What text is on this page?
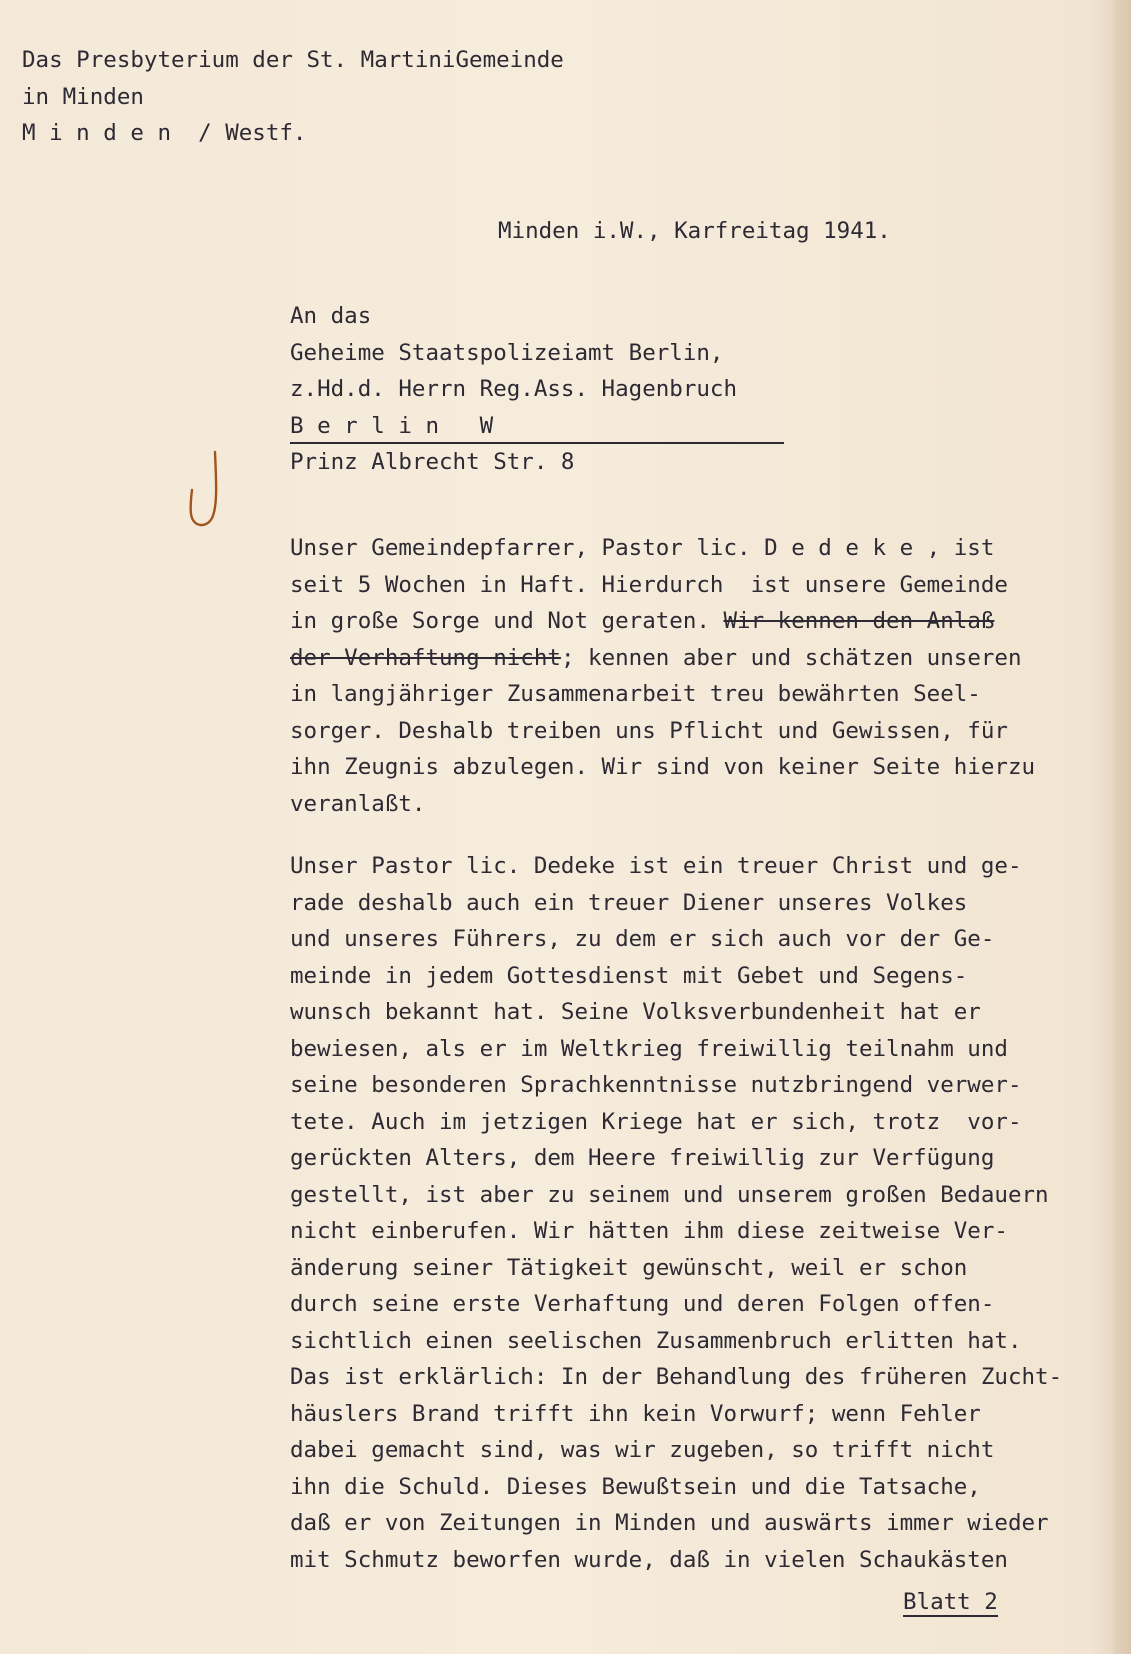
Das Presbyterium der St. MartiniGemeinde
in Minden
M i n d e n  / Westf.
Minden i.W., Karfreitag 1941.
An das
Geheime Staatspolizeiamt Berlin,
z.Hd.d. Herrn Reg.Ass. Hagenbruch
B e r l i n   W
Prinz Albrecht Str. 8
Unser Gemeindepfarrer, Pastor lic. D e d e k e , ist
seit 5 Wochen in Haft. Hierdurch  ist unsere Gemeinde
in große Sorge und Not geraten. Wir kennen den Anlaß
der Verhaftung nicht; kennen aber und schätzen unseren
in langjähriger Zusammenarbeit treu bewährten Seel-
sorger. Deshalb treiben uns Pflicht und Gewissen, für
ihn Zeugnis abzulegen. Wir sind von keiner Seite hierzu
veranlaßt.
Unser Pastor lic. Dedeke ist ein treuer Christ und ge-
rade deshalb auch ein treuer Diener unseres Volkes
und unseres Führers, zu dem er sich auch vor der Ge-
meinde in jedem Gottesdienst mit Gebet und Segens-
wunsch bekannt hat. Seine Volksverbundenheit hat er
bewiesen, als er im Weltkrieg freiwillig teilnahm und
seine besonderen Sprachkenntnisse nutzbringend verwer-
tete. Auch im jetzigen Kriege hat er sich, trotz  vor-
gerückten Alters, dem Heere freiwillig zur Verfügung
gestellt, ist aber zu seinem und unserem großen Bedauern
nicht einberufen. Wir hätten ihm diese zeitweise Ver-
änderung seiner Tätigkeit gewünscht, weil er schon
durch seine erste Verhaftung und deren Folgen offen-
sichtlich einen seelischen Zusammenbruch erlitten hat.
Das ist erklärlich: In der Behandlung des früheren Zucht-
häuslers Brand trifft ihn kein Vorwurf; wenn Fehler
dabei gemacht sind, was wir zugeben, so trifft nicht
ihn die Schuld. Dieses Bewußtsein und die Tatsache,
daß er von Zeitungen in Minden und auswärts immer wieder
mit Schmutz beworfen wurde, daß in vielen Schaukästen
Blatt 2
